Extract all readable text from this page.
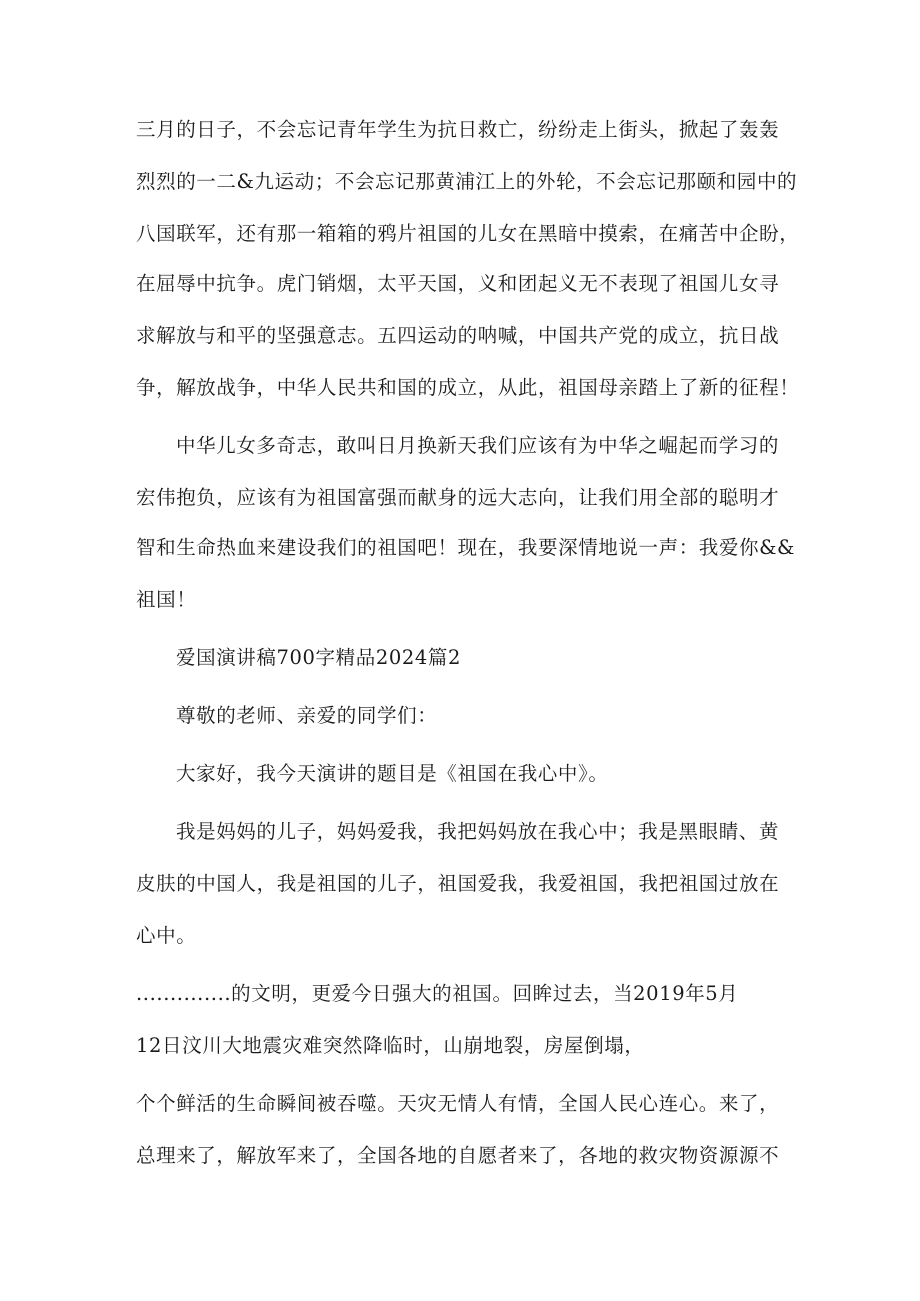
三月的日子，不会忘记青年学生为抗日救亡，纷纷走上街头，掀起了轰轰
烈烈的一二&九运动；不会忘记那黄浦江上的外轮，不会忘记那颐和园中的
八国联军，还有那一箱箱的鸦片祖国的儿女在黑暗中摸索，在痛苦中企盼，
在屈辱中抗争。虎门销烟，太平天国，义和团起义无不表现了祖国儿女寻
求解放与和平的坚强意志。五四运动的呐喊，中国共产党的成立，抗日战
争，解放战争，中华人民共和国的成立，从此，祖国母亲踏上了新的征程！
中华儿女多奇志，敢叫日月换新天我们应该有为中华之崛起而学习的
宏伟抱负，应该有为祖国富强而献身的远大志向，让我们用全部的聪明才
智和生命热血来建设我们的祖国吧！现在，我要深情地说一声：我爱你&&
祖国！
爱国演讲稿700字精品2024篇2
尊敬的老师、亲爱的同学们：
大家好，我今天演讲的题目是《祖国在我心中》。
我是妈妈的儿子，妈妈爱我，我把妈妈放在我心中；我是黑眼睛、黄
皮肤的中国人，我是祖国的儿子，祖国爱我，我爱祖国，我把祖国过放在
心中。
..............的文明，更爱今日强大的祖国。回眸过去，当2019年5月
12日汶川大地震灾难突然降临时，山崩地裂，房屋倒塌，
个个鲜活的生命瞬间被吞噬。天灾无情人有情，全国人民心连心。来了，
总理来了，解放军来了，全国各地的自愿者来了，各地的救灾物资源源不
